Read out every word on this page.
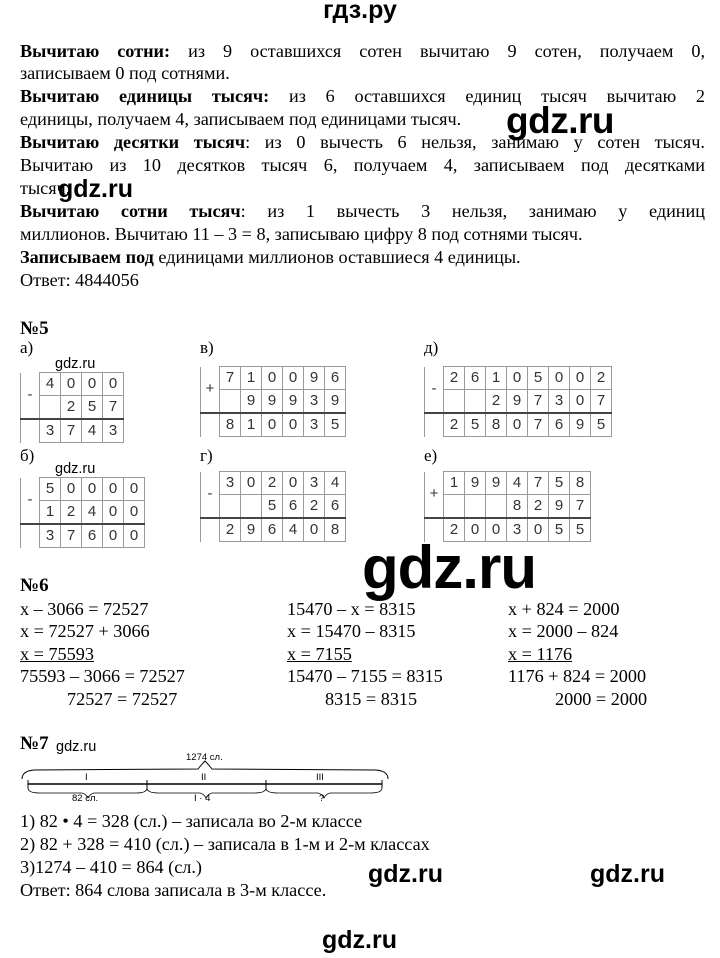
гдз.ру
Вычитаю сотни: из 9 оставшихся сотен вычитаю 9 сотен, получаем 0,
записываем 0 под сотнями.
Вычитаю единицы тысяч: из 6 оставшихся единиц тысяч вычитаю 2
единицы, получаем 4, записываем под единицами тысяч.
Вычитаю десятки тысяч: из 0 вычесть 6 нельзя, занимаю у сотен тысяч.
Вычитаю из 10 десятков тысяч 6, получаем 4, записываем под десятками
тысяч.
Вычитаю сотни тысяч: из 1 вычесть 3 нельзя, занимаю у единиц
миллионов. Вычитаю 11 – 3 = 8, записываю цифру 8 под сотнями тысяч.
Записываем под единицами миллионов оставшиеся 4 единицы.
Ответ: 4844056
gdz.ru
gdz.ru
№5
а)
gdz.ru
-	4	0	0	0
		2	5	7
	3	7	4	3
б)
gdz.ru
-	5	0	0	0	0
	1	2	4	0	0
	3	7	6	0	0
в)
+	7	1	0	0	9	6
		9	9	9	3	9
	8	1	0	0	3	5
г)
-	3	0	2	0	3	4
			5	6	2	6
	2	9	6	4	0	8
д)
-	2	6	1	0	5	0	0	2
			2	9	7	3	0	7
	2	5	8	0	7	6	9	5
е)
+	1	9	9	4	7	5	8
				8	2	9	7
	2	0	0	3	0	5	5
gdz.ru
№6
x – 3066 = 72527
x = 72527 + 3066
x = 75593
75593 – 3066 = 72527
72527 = 72527
15470 – x = 8315
x = 15470 – 8315
x = 7155
15470 – 7155 = 8315
8315 = 8315
x + 824 = 2000
x = 2000 – 824
x = 1176
1176 + 824 = 2000
2000 = 2000
№7 gdz.ru
1274 сл.
I	II	III
82 сл.	I · 4	?
1) 82 • 4 = 328 (сл.) – записала во 2-м классе
2) 82 + 328 = 410 (сл.) – записала в 1-м и 2-м классах
3)1274 – 410 = 864 (сл.)
Ответ: 864 слова записала в 3-м классе.
gdz.ru	gdz.ru
gdz.ru
